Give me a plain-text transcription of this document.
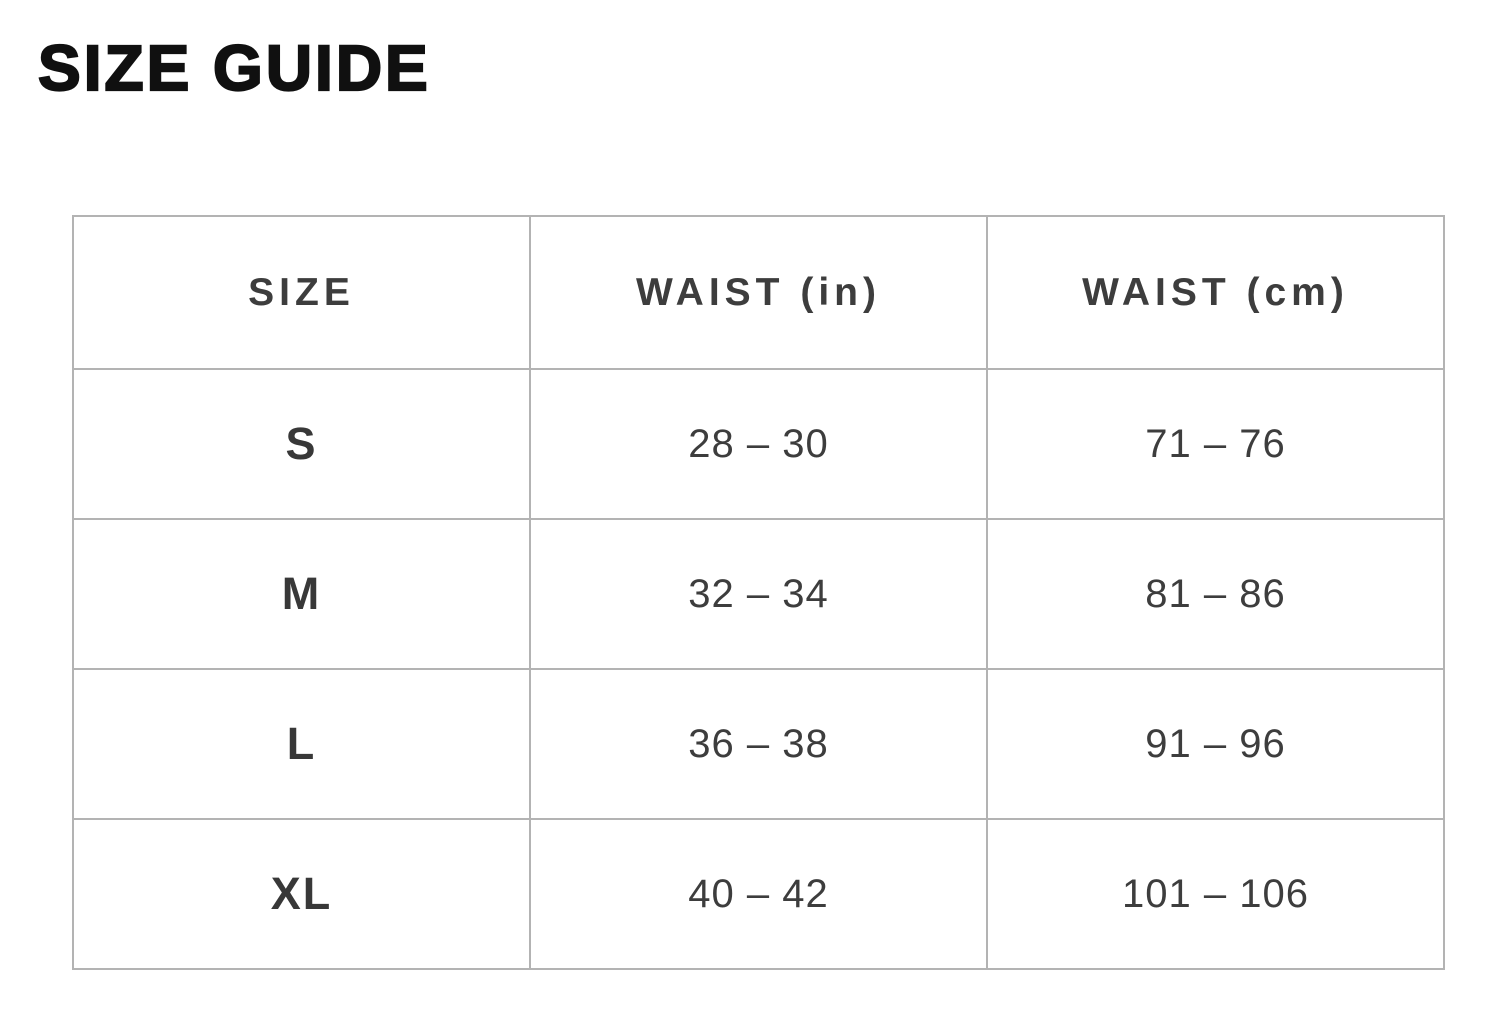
SIZE GUIDE
SIZE	WAIST (in)	WAIST (cm)
S	28 – 30	71 – 76
M	32 – 34	81 – 86
L	36 – 38	91 – 96
XL	40 – 42	101 – 106
